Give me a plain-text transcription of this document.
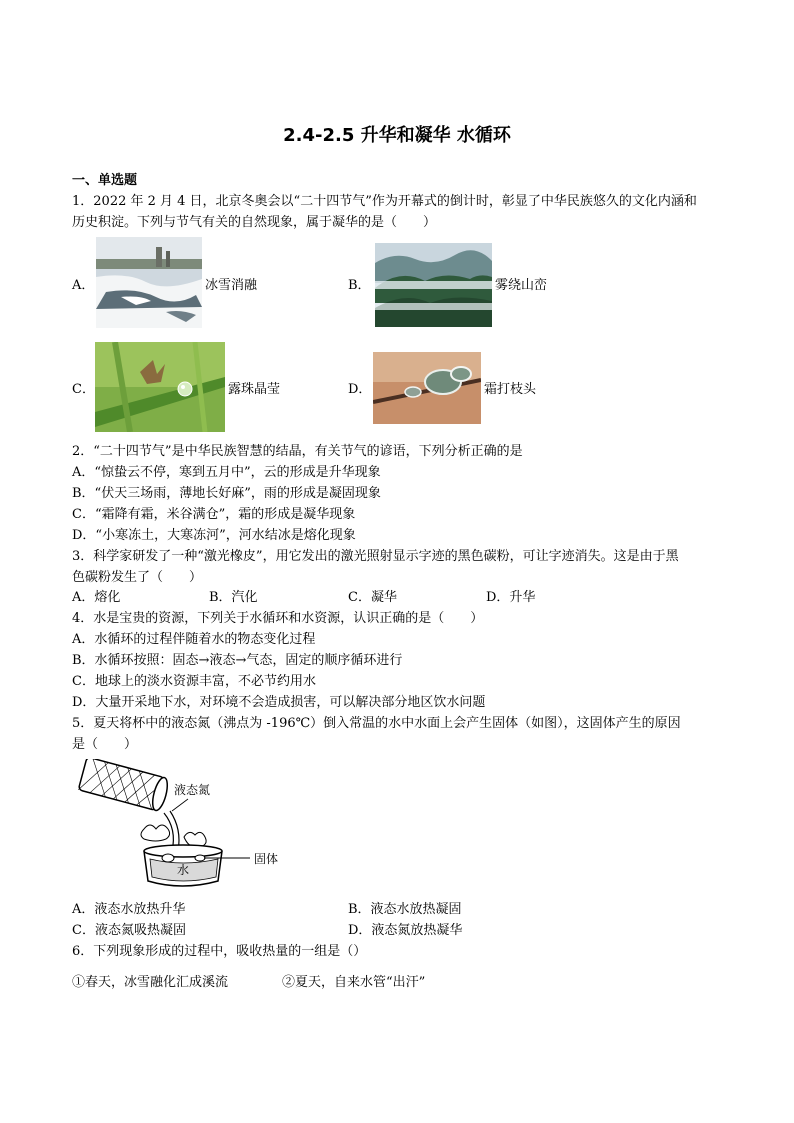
2.4-2.5 升华和凝华 水循环
一、单选题
1．2022 年 2 月 4 日，北京冬奥会以“二十四节气”作为开幕式的倒计时，彰显了中华民族悠久的文化内涵和
历史积淀。下列与节气有关的自然现象，属于凝华的是（　　）
A．	冰雪消融	B．	雾绕山峦
C．	露珠晶莹	D．	霜打枝头
2．“二十四节气”是中华民族智慧的结晶，有关节气的谚语，下列分析正确的是
A．“惊蛰云不停，寒到五月中”，云的形成是升华现象
B．“伏天三场雨，薄地长好麻”，雨的形成是凝固现象
C．“霜降有霜，米谷满仓”，霜的形成是凝华现象
D．“小寒冻土，大寒冻河”，河水结冰是熔化现象
3．科学家研发了一种“激光橡皮”，用它发出的激光照射显示字迹的黑色碳粉，可让字迹消失。这是由于黑
色碳粉发生了（　　）
A．熔化	B．汽化	C．凝华	D．升华
4．水是宝贵的资源，下列关于水循环和水资源，认识正确的是（　　）
A．水循环的过程伴随着水的物态变化过程
B．水循环按照：固态→液态→气态，固定的顺序循环进行
C．地球上的淡水资源丰富，不必节约用水
D．大量开采地下水，对环境不会造成损害，可以解决部分地区饮水问题
5．夏天将杯中的液态氮（沸点为 -196℃）倒入常温的水中水面上会产生固体（如图），这固体产生的原因
是（　　）
液态氮
固体
水
A．液态水放热升华	B．液态水放热凝固
C．液态氮吸热凝固	D．液态氮放热凝华
6．下列现象形成的过程中，吸收热量的一组是（）
①春天，冰雪融化汇成溪流	②夏天，自来水管“出汗”
